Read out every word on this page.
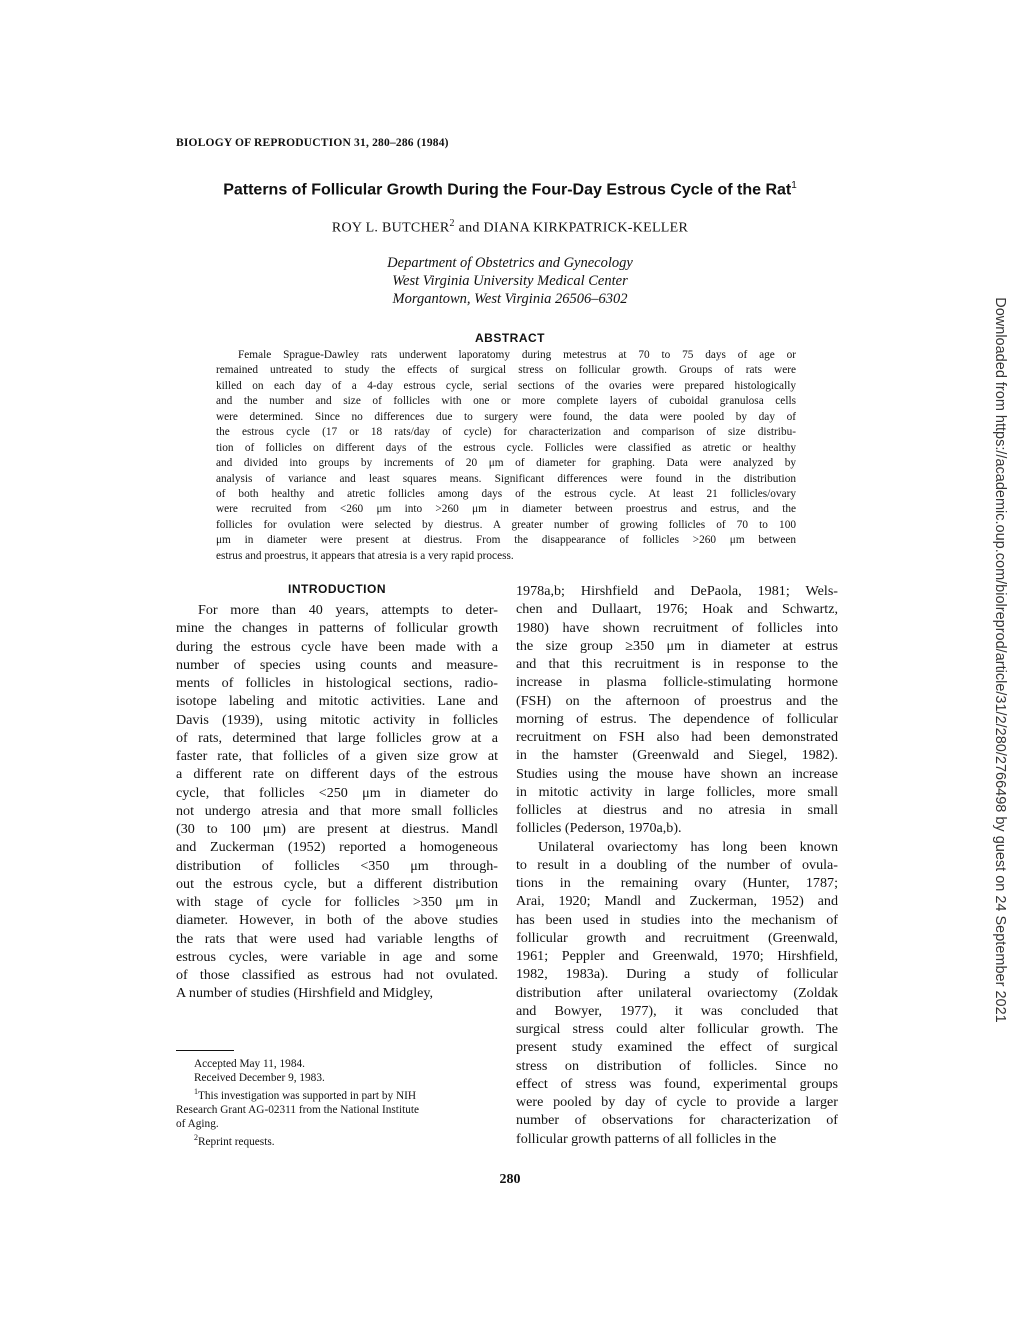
BIOLOGY OF REPRODUCTION 31, 280–286 (1984)
Patterns of Follicular Growth During the Four-Day Estrous Cycle of the Rat$^1$
ROY L. BUTCHER$^2$ and DIANA KIRKPATRICK-KELLER
Department of Obstetrics and Gynecology
West Virginia University Medical Center
Morgantown, West Virginia 26506–6302
ABSTRACT
Female Sprague-Dawley rats underwent laporatomy during metestrus at 70 to 75 days of age or
remained untreated to study the effects of surgical stress on follicular growth. Groups of rats were
killed on each day of a 4-day estrous cycle, serial sections of the ovaries were prepared histologically
and the number and size of follicles with one or more complete layers of cuboidal granulosa cells
were determined. Since no differences due to surgery were found, the data were pooled by day of
the estrous cycle (17 or 18 rats/day of cycle) for characterization and comparison of size distribu-
tion of follicles on different days of the estrous cycle. Follicles were classified as atretic or healthy
and divided into groups by increments of 20 μm of diameter for graphing. Data were analyzed by
analysis of variance and least squares means. Significant differences were found in the distribution
of both healthy and atretic follicles among days of the estrous cycle. At least 21 follicles/ovary
were recruited from <260 μm into >260 μm in diameter between proestrus and estrus, and the
follicles for ovulation were selected by diestrus. A greater number of growing follicles of 70 to 100
μm in diameter were present at diestrus. From the disappearance of follicles >260 μm between
estrus and proestrus, it appears that atresia is a very rapid process.
INTRODUCTION
For more than 40 years, attempts to deter-
mine the changes in patterns of follicular growth
during the estrous cycle have been made with a
number of species using counts and measure-
ments of follicles in histological sections, radio-
isotope labeling and mitotic activities. Lane and
Davis (1939), using mitotic activity in follicles
of rats, determined that large follicles grow at a
faster rate, that follicles of a given size grow at
a different rate on different days of the estrous
cycle, that follicles <250 μm in diameter do
not undergo atresia and that more small follicles
(30 to 100 μm) are present at diestrus. Mandl
and Zuckerman (1952) reported a homogeneous
distribution of follicles <350 μm through-
out the estrous cycle, but a different distribution
with stage of cycle for follicles >350 μm in
diameter. However, in both of the above studies
the rats that were used had variable lengths of
estrous cycles, were variable in age and some
of those classified as estrous had not ovulated.
A number of studies (Hirshfield and Midgley,
1978a,b; Hirshfield and DePaola, 1981; Wels-
chen and Dullaart, 1976; Hoak and Schwartz,
1980) have shown recruitment of follicles into
the size group ≥350 μm in diameter at estrus
and that this recruitment is in response to the
increase in plasma follicle-stimulating hormone
(FSH) on the afternoon of proestrus and the
morning of estrus. The dependence of follicular
recruitment on FSH also had been demonstrated
in the hamster (Greenwald and Siegel, 1982).
Studies using the mouse have shown an increase
in mitotic activity in large follicles, more small
follicles at diestrus and no atresia in small
follicles (Pederson, 1970a,b).
Unilateral ovariectomy has long been known
to result in a doubling of the number of ovula-
tions in the remaining ovary (Hunter, 1787;
Arai, 1920; Mandl and Zuckerman, 1952) and
has been used in studies into the mechanism of
follicular growth and recruitment (Greenwald,
1961; Peppler and Greenwald, 1970; Hirshfield,
1982, 1983a). During a study of follicular
distribution after unilateral ovariectomy (Zoldak
and Bowyer, 1977), it was concluded that
surgical stress could alter follicular growth. The
present study examined the effect of surgical
stress on distribution of follicles. Since no
effect of stress was found, experimental groups
were pooled by day of cycle to provide a larger
number of observations for characterization of
follicular growth patterns of all follicles in the
Accepted May 11, 1984.
Received December 9, 1983.
$^1$This investigation was supported in part by NIH
Research Grant AG-02311 from the National Institute
of Aging.
$^2$Reprint requests.
280
Downloaded from https://academic.oup.com/biolreprod/article/31/2/280/2766498 by guest on 24 September 2021
